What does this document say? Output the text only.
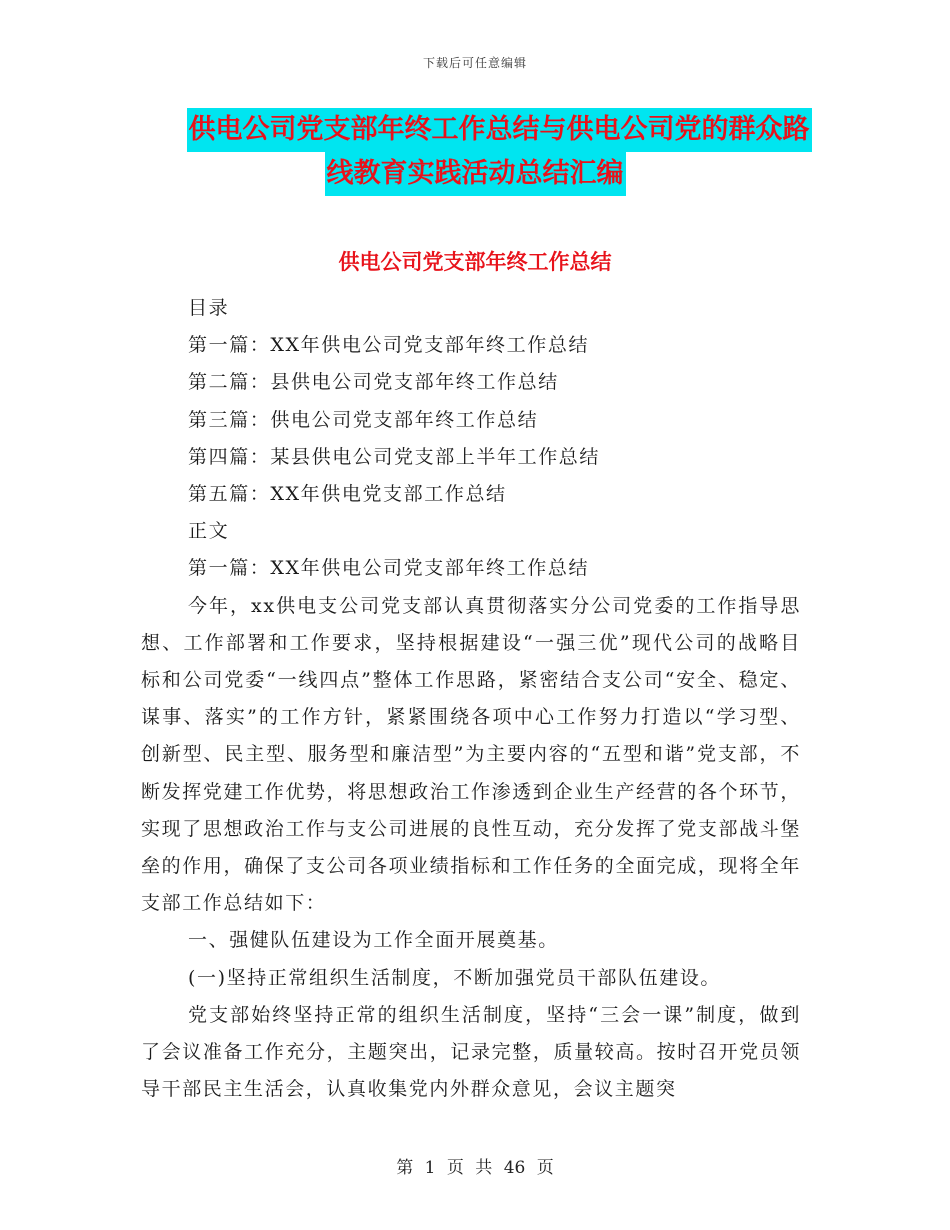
下载后可任意编辑
供电公司党支部年终工作总结与供电公司党的群众路
线教育实践活动总结汇编
供电公司党支部年终工作总结

目录

第一篇：XX年供电公司党支部年终工作总结

第二篇：县供电公司党支部年终工作总结

第三篇：供电公司党支部年终工作总结

第四篇：某县供电公司党支部上半年工作总结

第五篇：XX年供电党支部工作总结

正文

第一篇：XX年供电公司党支部年终工作总结

今年，xx供电支公司党支部认真贯彻落实分公司党委的工作指导思想、工作部署和工作要求，坚持根据建设“一强三优”现代公司的战略目标和公司党委“一线四点”整体工作思路，紧密结合支公司“安全、稳定、谋事、落实”的工作方针，紧紧围绕各项中心工作努力打造以“学习型、创新型、民主型、服务型和廉洁型”为主要内容的“五型和谐”党支部，不断发挥党建工作优势，将思想政治工作渗透到企业生产经营的各个环节，实现了思想政治工作与支公司进展的良性互动，充分发挥了党支部战斗堡垒的作用，确保了支公司各项业绩指标和工作任务的全面完成，现将全年支部工作总结如下：

一、强健队伍建设为工作全面开展奠基。

(一)坚持正常组织生活制度，不断加强党员干部队伍建设。

党支部始终坚持正常的组织生活制度，坚持“三会一课”制度，做到了会议准备工作充分，主题突出，记录完整，质量较高。按时召开党员领导干部民主生活会，认真收集党内外群众意见，会议主题突

第 1 页 共 46 页
